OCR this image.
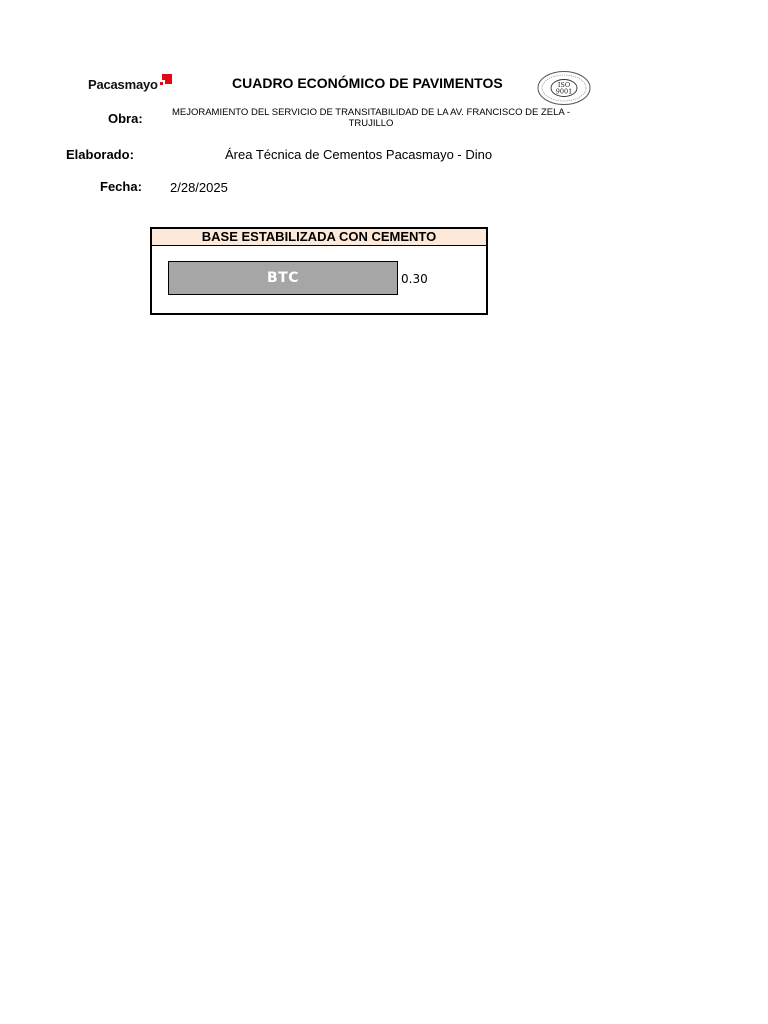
Pacasmayo	CUADRO ECONÓMICO DE PAVIMENTOS	ISO
9001
Obra:	MEJORAMIENTO DEL SERVICIO DE TRANSITABILIDAD DE LA AV. FRANCISCO DE ZELA - TRUJILLO
Elaborado:	Área Técnica de Cementos Pacasmayo - Dino
Fecha: 2/28/2025
BASE ESTABILIZADA CON CEMENTO
BTC	0.30
